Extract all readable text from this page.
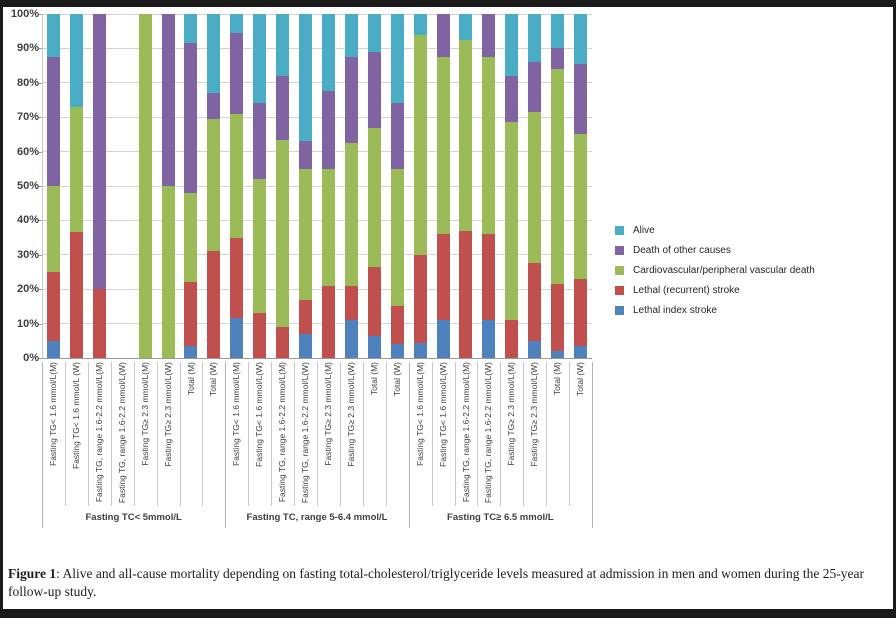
0%
10%
20%
30%
40%
50%
60%
70%
80%
90%
100%
Fasting TG< 1.6 mmol/L(M)	Fasting TG< 1.6 mmol/L (W)	Fasting TG, range 1.6-2.2 mmol/L(M)	Fasting TG, range 1.6-2.2 mmol/L(W)	Fasting TG≥ 2.3 mmol/L(M)	Fasting TG≥ 2.3 mmol/L(W)	Total (M)	Total (W)	Fasting TG< 1.6 mmol/L(M)	Fasting TG< 1.6 mmol/L(W)	Fasting TG, range 1.6-2.2 mmol/L(M)	Fasting TG, range 1.6-2.2 mmol/L(W)	Fasting TG≥ 2.3 mmol/L(M)	Fasting TG≥ 2.3 mmol/L(W)	Total (M)	Total (W)	Fasting TG< 1.6 mmol/L(M)	Fasting TG< 1.6 mmol/L(W)	Fasting TG, range 1.6-2.2 mmol/L(M)	Fasting TG, range 1.6-2.2 mmol/L(W)	Fasting TG≥ 2.3 mmol/L(M)	Fasting TG≥ 2.3 mmol/L(W)	Total (M)	Total (W)
Fasting TC< 5mmol/L	Fasting TC, range 5-6.4 mmol/L	Fasting TC≥ 6.5 mmol/L
Alive
Death of other causes
Cardiovascular/peripheral vascular death
Lethal (recurrent) stroke
Lethal index stroke

Figure 1: Alive and all-cause mortality depending on fasting total-cholesterol/triglyceride levels measured at admission in men and women during the 25-year follow-up study.
